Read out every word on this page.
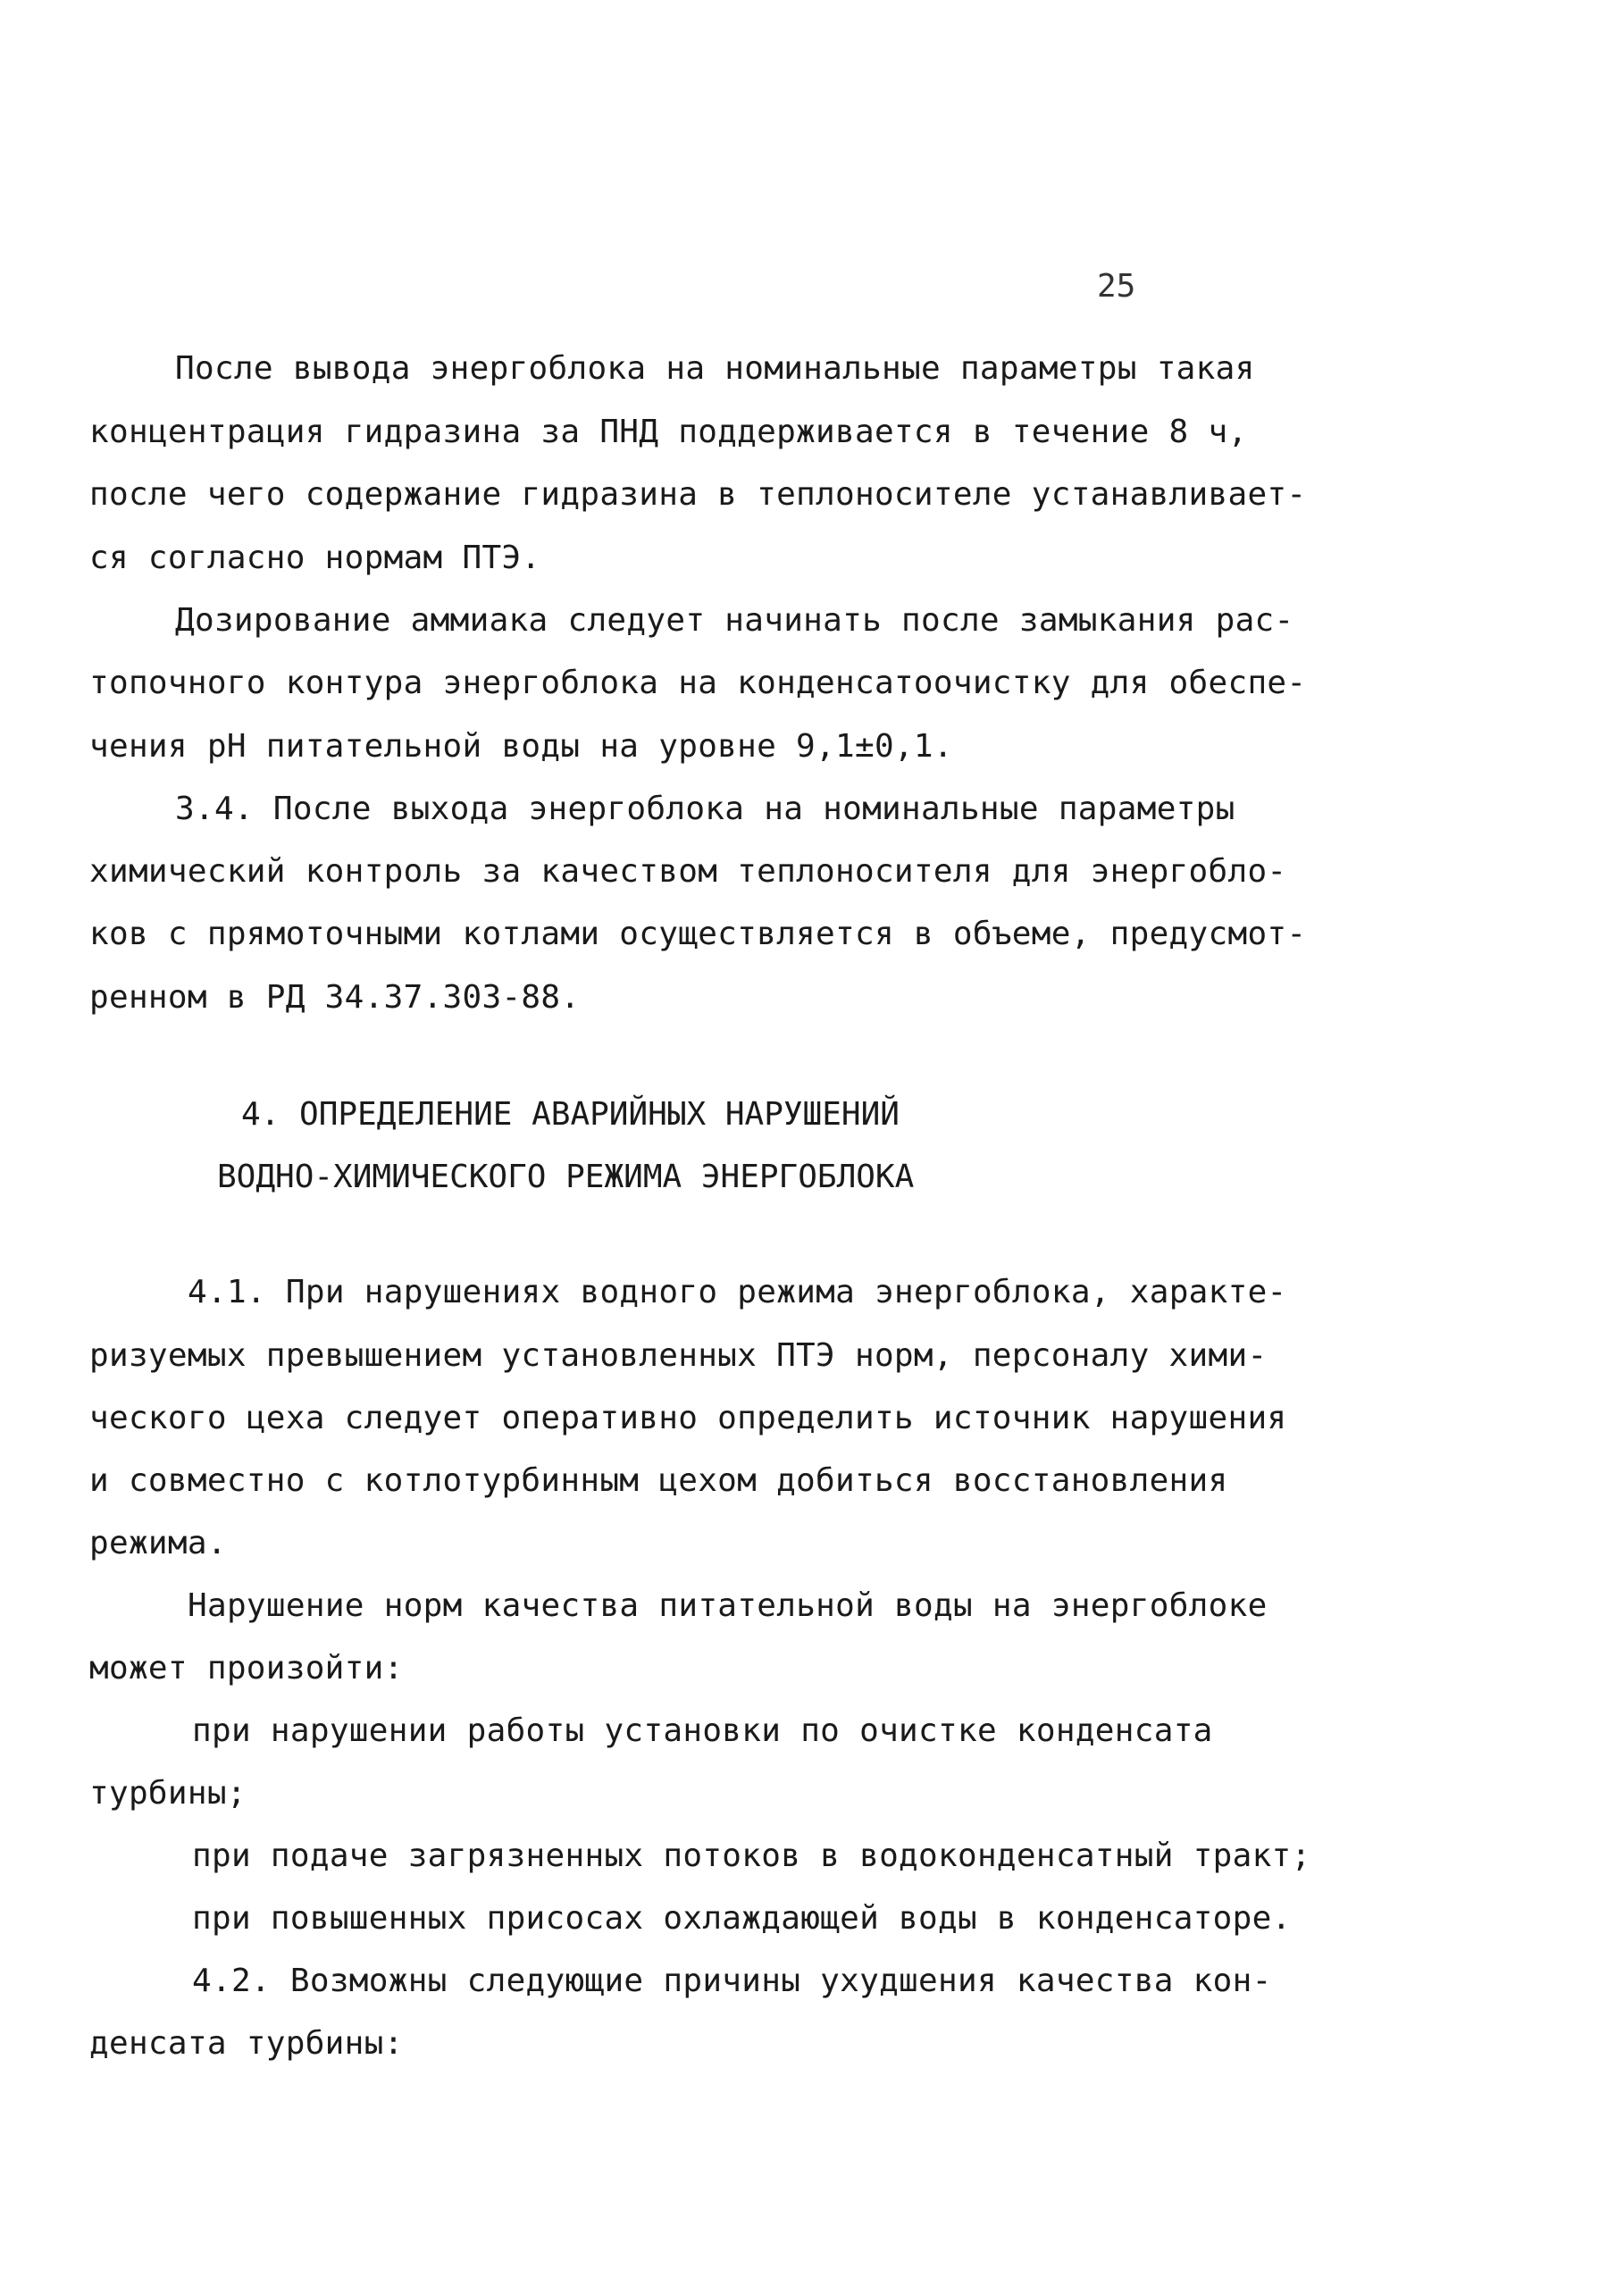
25
После вывода энергоблока на номинальные параметры такая
концентрация гидразина за ПНД поддерживается в течение 8 ч,
после чего содержание гидразина в теплоносителе устанавливает-
ся согласно нормам ПТЭ.
Дозирование аммиака следует начинать после замыкания рас-
топочного контура энергоблока на конденсатоочистку для обеспе-
чения рН питательной воды на уровне 9,1±0,1.
3.4. После выхода энергоблока на номинальные параметры
химический контроль за качеством теплоносителя для энергобло-
ков с прямоточными котлами осуществляется в объеме, предусмот-
ренном в РД 34.37.303-88.
4. ОПРЕДЕЛЕНИЕ АВАРИЙНЫХ НАРУШЕНИЙ
ВОДНО-ХИМИЧЕСКОГО РЕЖИМА ЭНЕРГОБЛОКА
4.1. При нарушениях водного режима энергоблока, характе-
ризуемых превышением установленных ПТЭ норм, персоналу хими-
ческого цеха следует оперативно определить источник нарушения
и совместно с котлотурбинным цехом добиться восстановления
режима.
Нарушение норм качества питательной воды на энергоблоке
может произойти:
при нарушении работы установки по очистке конденсата
турбины;
при подаче загрязненных потоков в водоконденсатный тракт;
при повышенных присосах охлаждающей воды в конденсаторе.
4.2. Возможны следующие причины ухудшения качества кон-
денсата турбины:
